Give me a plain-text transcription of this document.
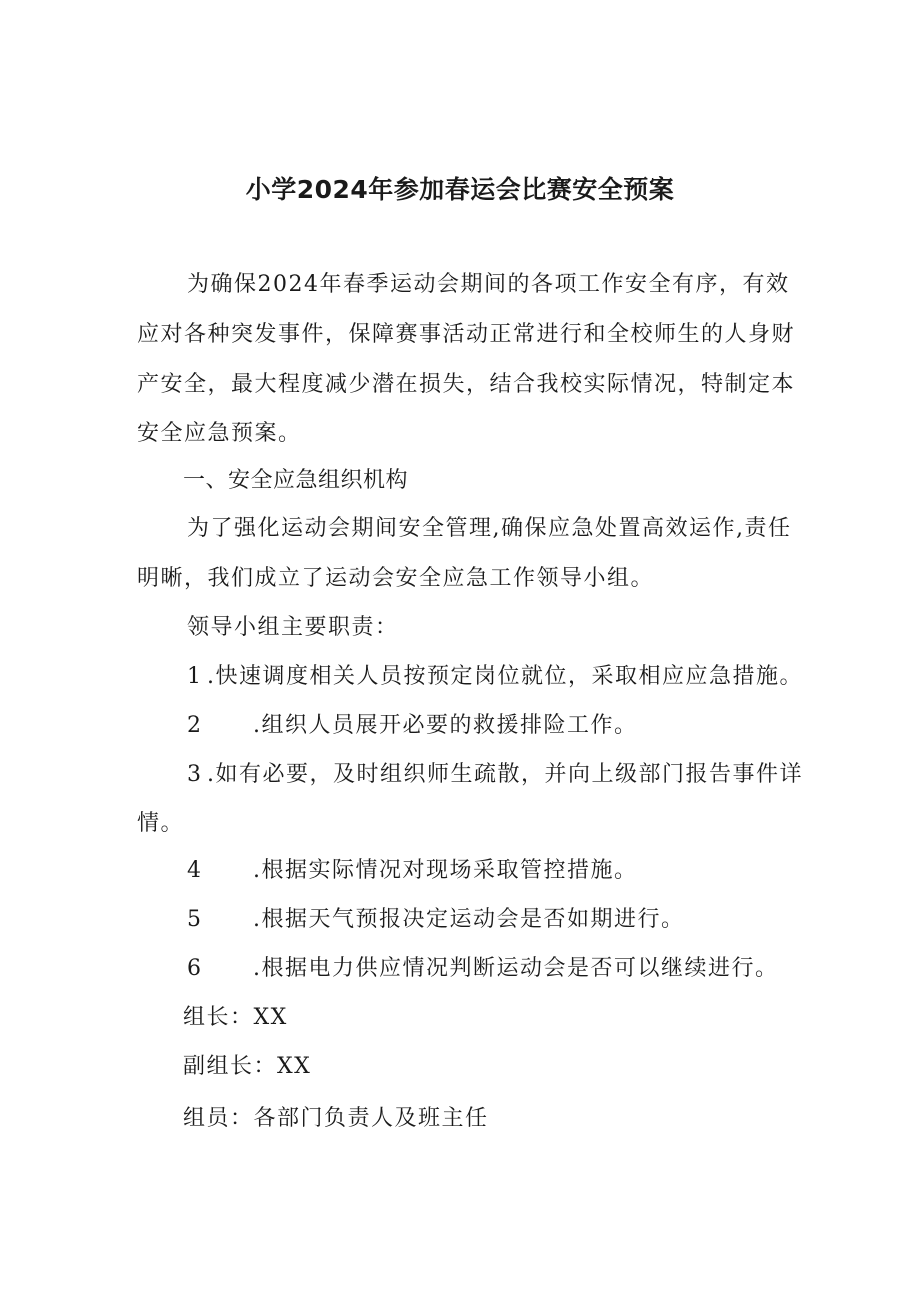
小学2024年参加春运会比赛安全预案
为确保2024年春季运动会期间的各项工作安全有序，有效
应对各种突发事件，保障赛事活动正常进行和全校师生的人身财
产安全，最大程度减少潜在损失，结合我校实际情况，特制定本
安全应急预案。
一、安全应急组织机构
为了强化运动会期间安全管理,确保应急处置高效运作,责任
明晰，我们成立了运动会安全应急工作领导小组。
领导小组主要职责：
1 .快速调度相关人员按预定岗位就位，采取相应应急措施。
2 .组织人员展开必要的救援排险工作。
3 .如有必要，及时组织师生疏散，并向上级部门报告事件详
情。
4 .根据实际情况对现场采取管控措施。
5 .根据天气预报决定运动会是否如期进行。
6 .根据电力供应情况判断运动会是否可以继续进行。
组长：XX
副组长：XX
组员：各部门负责人及班主任
